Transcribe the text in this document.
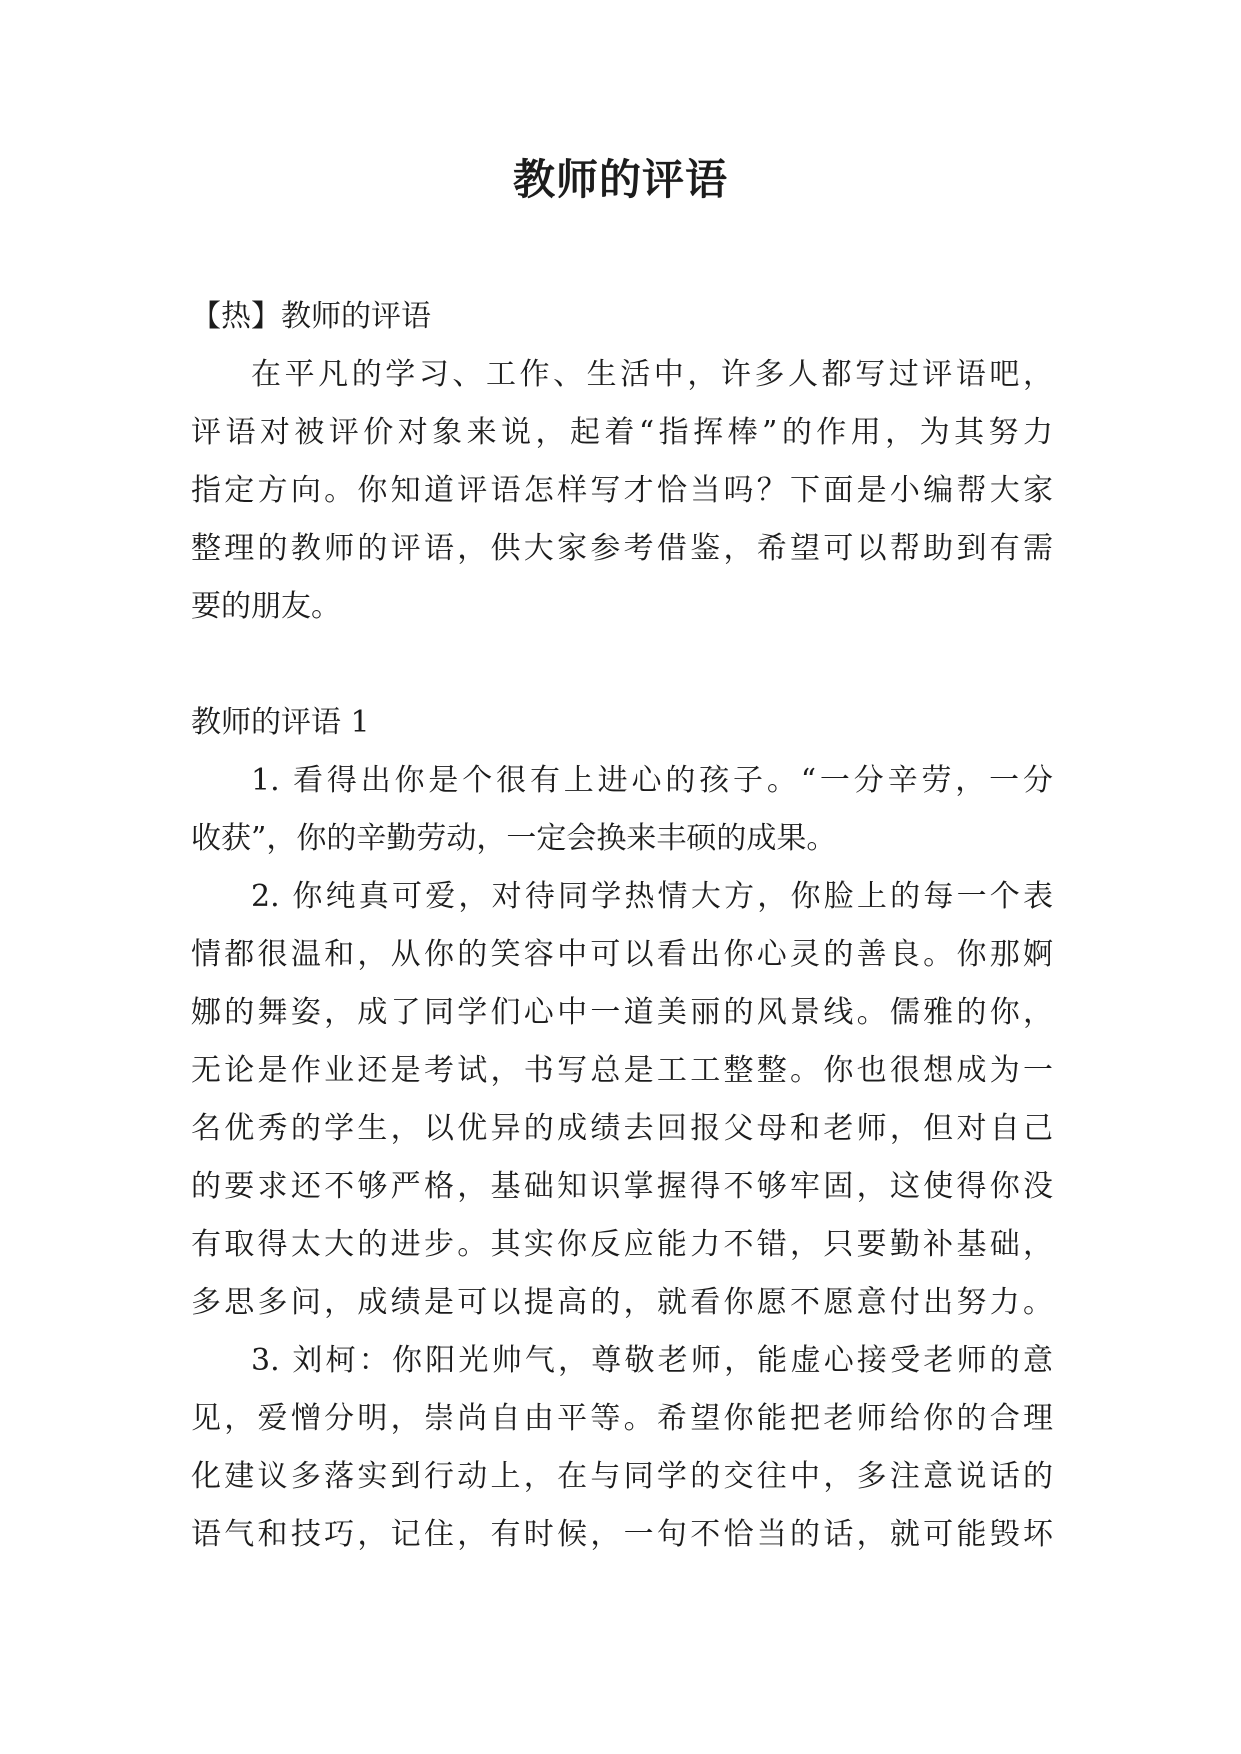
教师的评语
【热】教师的评语
在平凡的学习、工作、生活中，许多人都写过评语吧，
评语对被评价对象来说，起着“指挥棒”的作用，为其努力
指定方向。你知道评语怎样写才恰当吗？下面是小编帮大家
整理的教师的评语，供大家参考借鉴，希望可以帮助到有需
要的朋友。
教师的评语 1
1. 看得出你是个很有上进心的孩子。“一分辛劳，一分
收获”，你的辛勤劳动，一定会换来丰硕的成果。
2. 你纯真可爱，对待同学热情大方，你脸上的每一个表
情都很温和，从你的笑容中可以看出你心灵的善良。你那婀
娜的舞姿，成了同学们心中一道美丽的风景线。儒雅的你，
无论是作业还是考试，书写总是工工整整。你也很想成为一
名优秀的学生，以优异的成绩去回报父母和老师，但对自己
的要求还不够严格，基础知识掌握得不够牢固，这使得你没
有取得太大的进步。其实你反应能力不错，只要勤补基础，
多思多问，成绩是可以提高的，就看你愿不愿意付出努力。
3. 刘柯：你阳光帅气，尊敬老师，能虚心接受老师的意
见，爱憎分明，崇尚自由平等。希望你能把老师给你的合理
化建议多落实到行动上，在与同学的交往中，多注意说话的
语气和技巧，记住，有时候，一句不恰当的话，就可能毁坏
